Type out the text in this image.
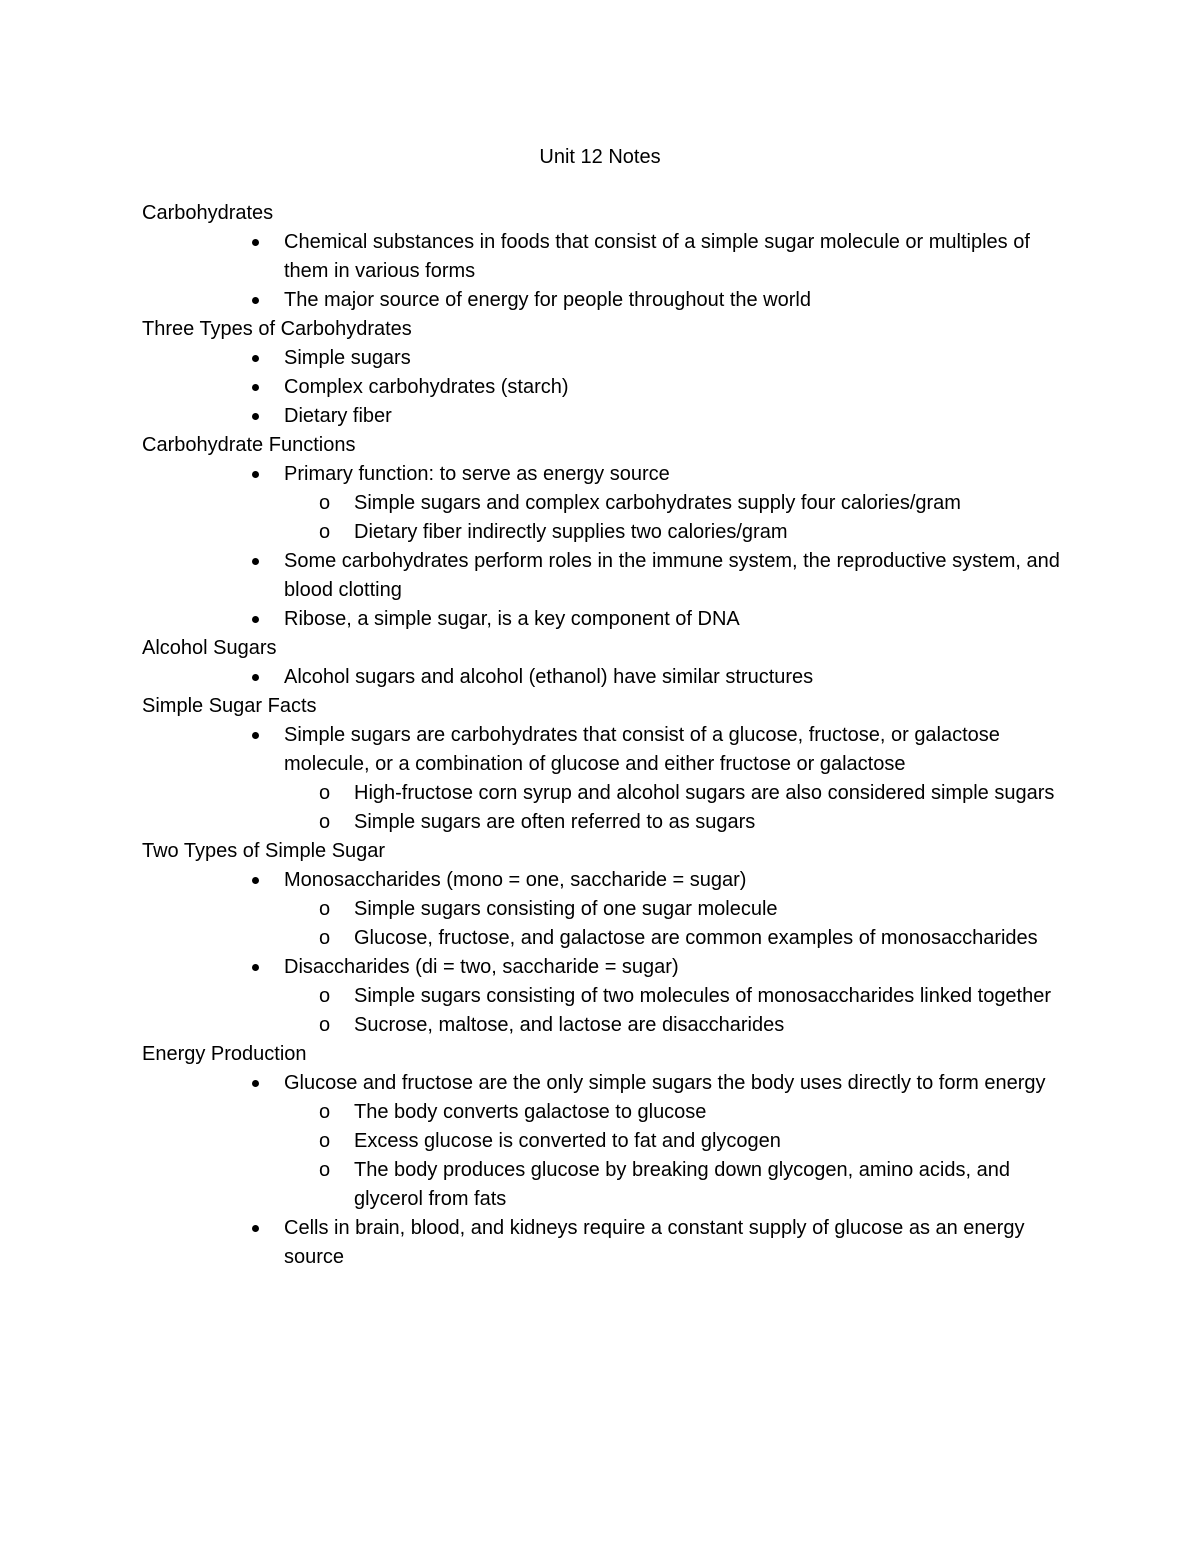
Unit 12 Notes
Carbohydrates
Chemical substances in foods that consist of a simple sugar molecule or multiples of them in various forms
The major source of energy for people throughout the world
Three Types of Carbohydrates
Simple sugars
Complex carbohydrates (starch)
Dietary fiber
Carbohydrate Functions
Primary function: to serve as energy source
o Simple sugars and complex carbohydrates supply four calories/gram
o Dietary fiber indirectly supplies two calories/gram
Some carbohydrates perform roles in the immune system, the reproductive system, and blood clotting
Ribose, a simple sugar, is a key component of DNA
Alcohol Sugars
Alcohol sugars and alcohol (ethanol) have similar structures
Simple Sugar Facts
Simple sugars are carbohydrates that consist of a glucose, fructose, or galactose molecule, or a combination of glucose and either fructose or galactose
o High-fructose corn syrup and alcohol sugars are also considered simple sugars
o Simple sugars are often referred to as sugars
Two Types of Simple Sugar
Monosaccharides (mono = one, saccharide = sugar)
o Simple sugars consisting of one sugar molecule
o Glucose, fructose, and galactose are common examples of monosaccharides
Disaccharides (di = two, saccharide = sugar)
o Simple sugars consisting of two molecules of monosaccharides linked together
o Sucrose, maltose, and lactose are disaccharides
Energy Production
Glucose and fructose are the only simple sugars the body uses directly to form energy
o The body converts galactose to glucose
o Excess glucose is converted to fat and glycogen
o The body produces glucose by breaking down glycogen, amino acids, and glycerol from fats
Cells in brain, blood, and kidneys require a constant supply of glucose as an energy source
